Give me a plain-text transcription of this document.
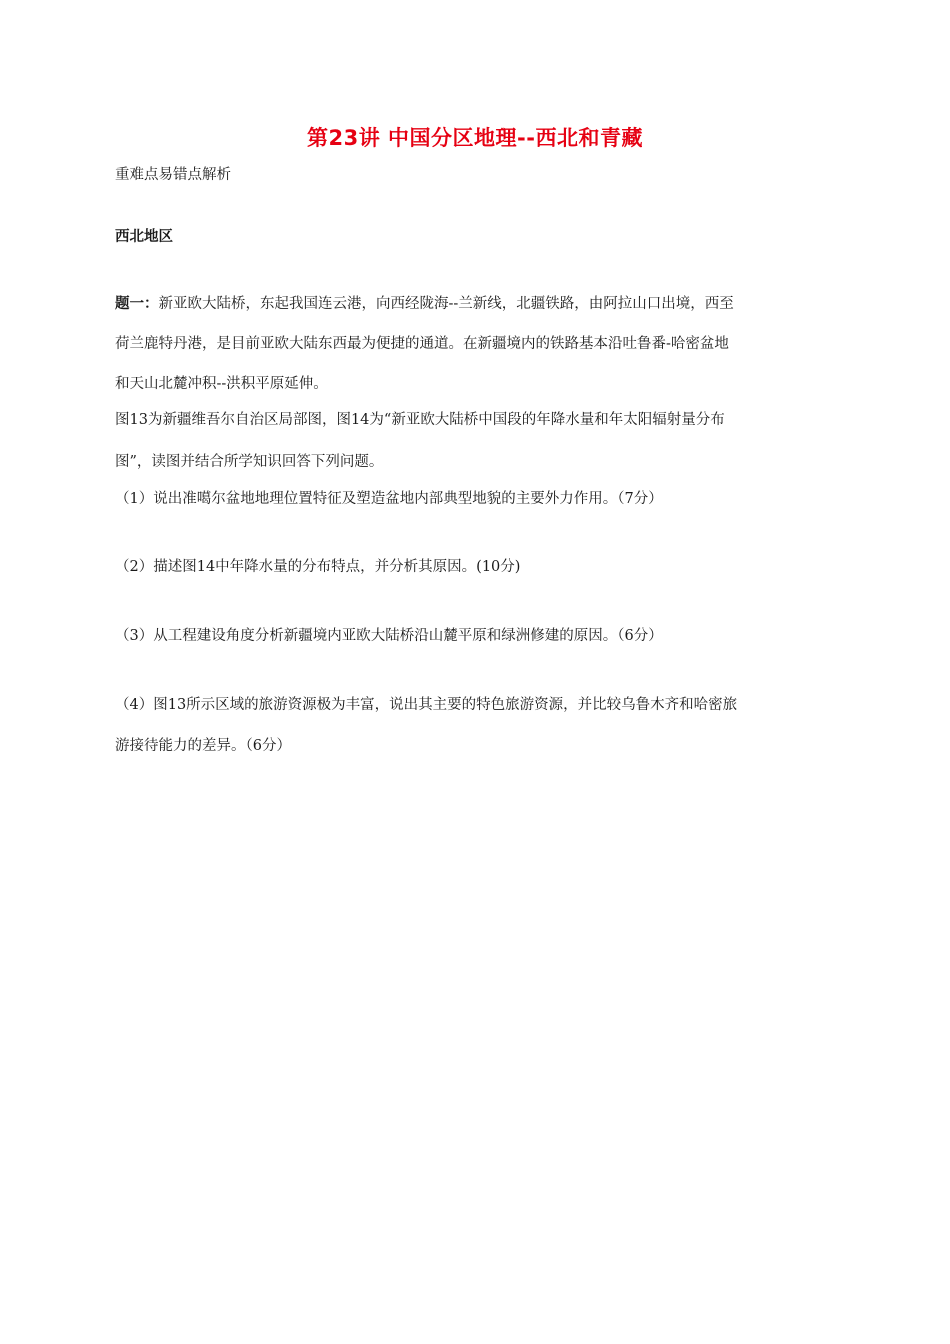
第23讲 中国分区地理--西北和青藏
重难点易错点解析
西北地区
题一：新亚欧大陆桥，东起我国连云港，向西经陇海--兰新线，北疆铁路，由阿拉山口出境，西至
荷兰鹿特丹港，是目前亚欧大陆东西最为便捷的通道。在新疆境内的铁路基本沿吐鲁番-哈密盆地
和天山北麓冲积--洪积平原延伸。
图13为新疆维吾尔自治区局部图，图14为“新亚欧大陆桥中国段的年降水量和年太阳辐射量分布
图”，读图并结合所学知识回答下列问题。
（1）说出准噶尔盆地地理位置特征及塑造盆地内部典型地貌的主要外力作用。（7分）
（2）描述图14中年降水量的分布特点，并分析其原因。(10分)
（3）从工程建设角度分析新疆境内亚欧大陆桥沿山麓平原和绿洲修建的原因。（6分）
（4）图13所示区域的旅游资源极为丰富，说出其主要的特色旅游资源，并比较乌鲁木齐和哈密旅
游接待能力的差异。（6分）
